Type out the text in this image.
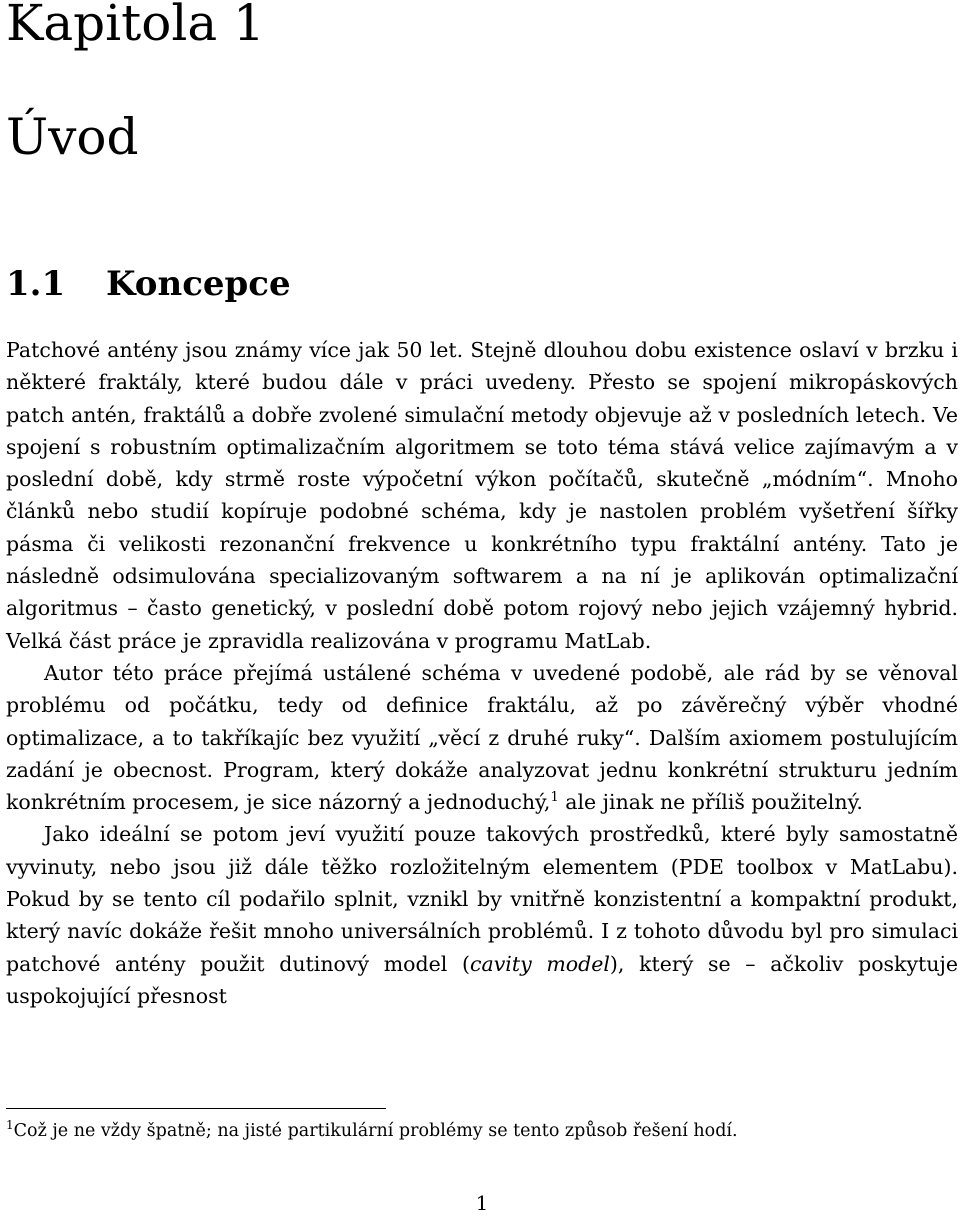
Kapitola 1
Úvod
1.1 Koncepce

Patchové antény jsou známy více jak 50 let. Stejně dlouhou dobu existence oslaví v brzku i některé fraktály, které budou dále v práci uvedeny. Přesto se spojení mikropáskových patch antén, fraktálů a dobře zvolené simulační metody objevuje až v posledních letech. Ve spojení s robustním optimalizačním algoritmem se toto téma stává velice zajímavým a v poslední době, kdy strmě roste výpočetní výkon počítačů, skutečně „módním“. Mnoho článků nebo studií kopíruje podobné schéma, kdy je nastolen problém vyšetření šířky pásma či velikosti rezonanční frekvence u konkrétního typu fraktální antény. Tato je následně odsimulována specializovaným softwarem a na ní je aplikován optimalizační algoritmus – často genetický, v poslední době potom rojový nebo jejich vzájemný hybrid. Velká část práce je zpravidla realizována v programu MatLab.

Autor této práce přejímá ustálené schéma v uvedené podobě, ale rád by se věnoval problému od počátku, tedy od definice fraktálu, až po závěrečný výběr vhodné optimalizace, a to takříkajíc bez využití „věcí z druhé ruky“. Dalším axiomem postulujícím zadání je obecnost. Program, který dokáže analyzovat jednu konkrétní strukturu jedním konkrétním procesem, je sice názorný a jednoduchý,$^1$ ale jinak ne příliš použitelný.

Jako ideální se potom jeví využití pouze takových prostředků, které byly samostatně vyvinuty, nebo jsou již dále těžko rozložitelným elementem (PDE toolbox v MatLabu). Pokud by se tento cíl podařilo splnit, vznikl by vnitřně konzistentní a kompaktní produkt, který navíc dokáže řešit mnoho universálních problémů. I z tohoto důvodu byl pro simulaci patchové antény použit dutinový model (cavity model), který se – ačkoliv poskytuje uspokojující přesnost

$^1$Což je ne vždy špatně; na jisté partikulární problémy se tento způsob řešení hodí.
1
